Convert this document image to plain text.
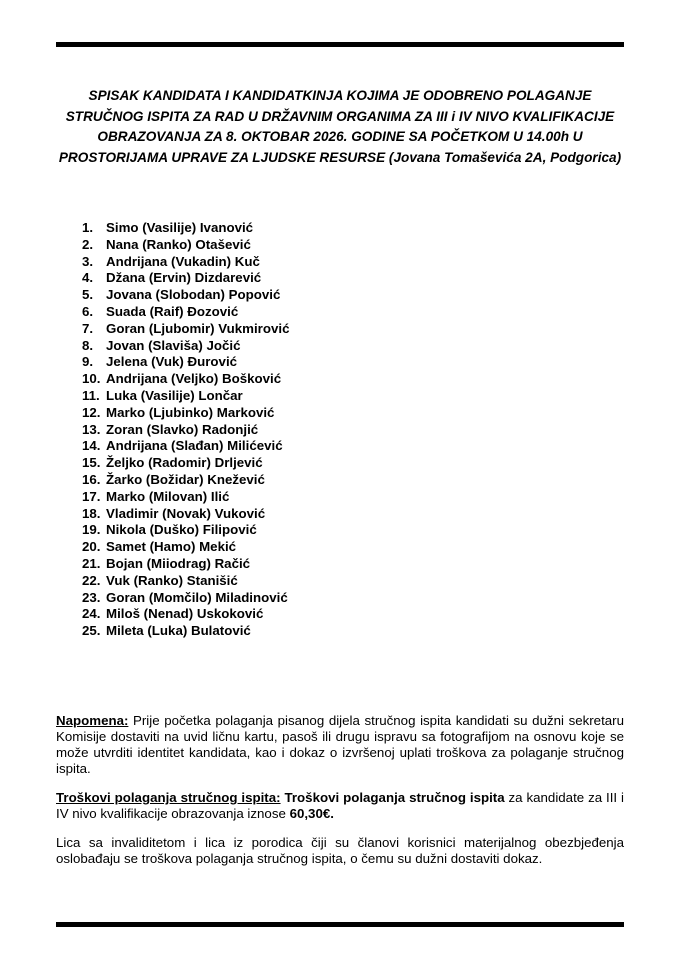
SPISAK KANDIDATA I KANDIDATKINJA KOJIMA JE ODOBRENO POLAGANJE STRUČNOG ISPITA ZA RAD U DRŽAVNIM ORGANIMA ZA III i IV NIVO KVALIFIKACIJE OBRAZOVANJA ZA 8. OKTOBAR 2026. GODINE SA POČETKOM U 14.00h U PROSTORIJAMA UPRAVE ZA LJUDSKE RESURSE (Jovana Tomaševića 2A, Podgorica)
1. Simo (Vasilije) Ivanović
2. Nana (Ranko) Otašević
3. Andrijana (Vukadin) Kuč
4. Džana (Ervin) Dizdarević
5. Jovana (Slobodan) Popović
6. Suada (Raif) Đozović
7. Goran (Ljubomir) Vukmirović
8. Jovan (Slaviša) Jočić
9. Jelena (Vuk) Đurović
10. Andrijana (Veljko) Bošković
11. Luka (Vasilije) Lončar
12. Marko (Ljubinko) Marković
13. Zoran (Slavko) Radonjić
14. Andrijana (Slađan) Milićević
15. Željko (Radomir) Drljević
16. Žarko (Božidar) Knežević
17. Marko (Milovan) Ilić
18. Vladimir (Novak) Vuković
19. Nikola (Duško) Filipović
20. Samet (Hamo) Mekić
21. Bojan (Miiodrag) Račić
22. Vuk (Ranko) Stanišić
23. Goran (Momčilo) Miladinović
24. Miloš (Nenad) Uskoković
25. Mileta (Luka) Bulatović

Napomena: Prije početka polaganja pisanog dijela stručnog ispita kandidati su dužni sekretaru Komisije dostaviti na uvid ličnu kartu, pasoš ili drugu ispravu sa fotografijom na osnovu koje se može utvrditi identitet kandidata, kao i dokaz o izvršenoj uplati troškova za polaganje stručnog ispita.

Troškovi polaganja stručnog ispita: Troškovi polaganja stručnog ispita za kandidate za III i IV nivo kvalifikacije obrazovanja iznose 60,30€.

Lica sa invaliditetom i lica iz porodica čiji su članovi korisnici materijalnog obezbjeđenja oslobađaju se troškova polaganja stručnog ispita, o čemu su dužni dostaviti dokaz.
